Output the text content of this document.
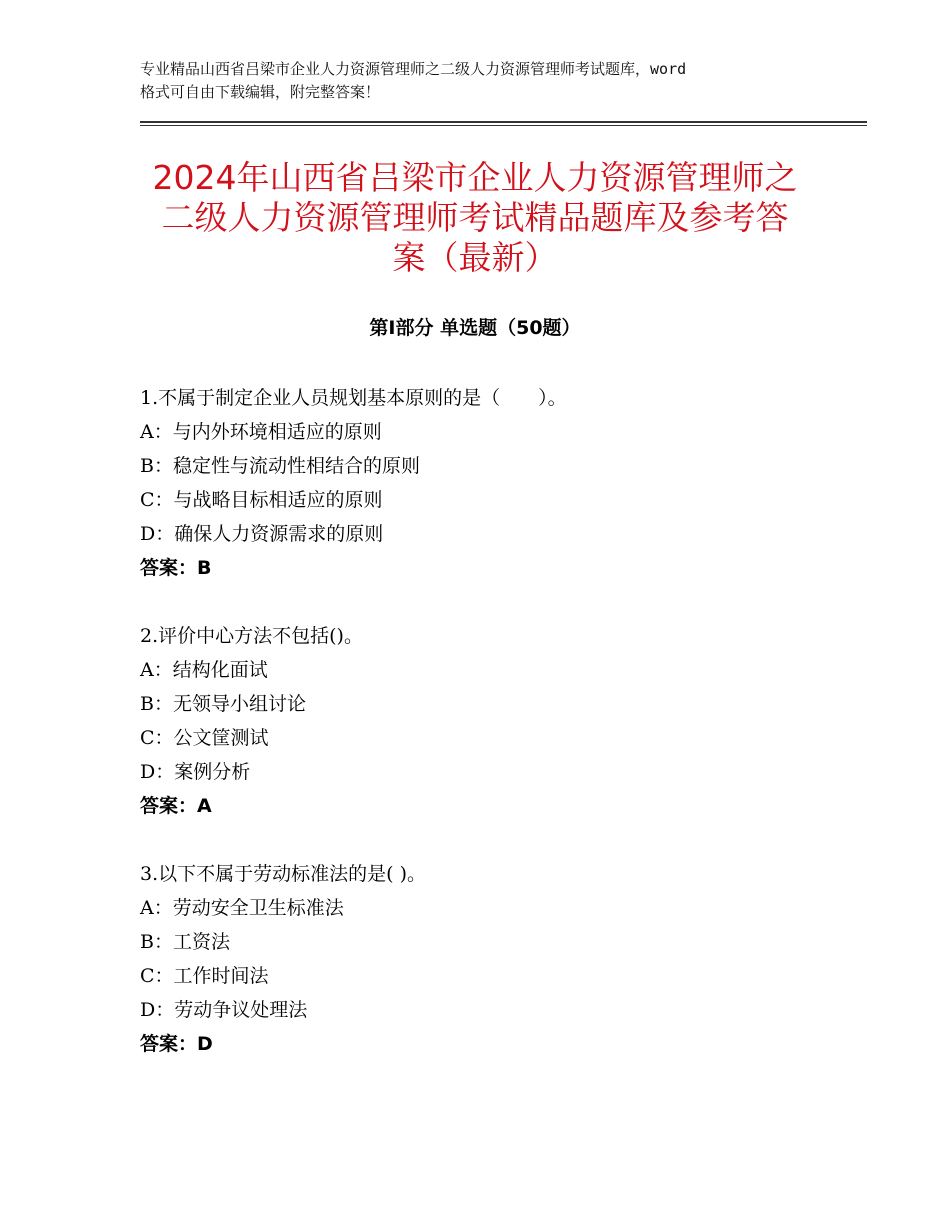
专业精品山西省吕梁市企业人力资源管理师之二级人力资源管理师考试题库，word
格式可自由下载编辑，附完整答案！
2024年山西省吕梁市企业人力资源管理师之
二级人力资源管理师考试精品题库及参考答
案（最新）
第Ⅰ部分 单选题（50题）
1.不属于制定企业人员规划基本原则的是（　　）。
A：与内外环境相适应的原则
B：稳定性与流动性相结合的原则
C：与战略目标相适应的原则
D：确保人力资源需求的原则
答案：B
2.评价中心方法不包括()。
A：结构化面试
B：无领导小组讨论
C：公文筐测试
D：案例分析
答案：A
3.以下不属于劳动标准法的是( )。
A：劳动安全卫生标准法
B：工资法
C：工作时间法
D：劳动争议处理法
答案：D
